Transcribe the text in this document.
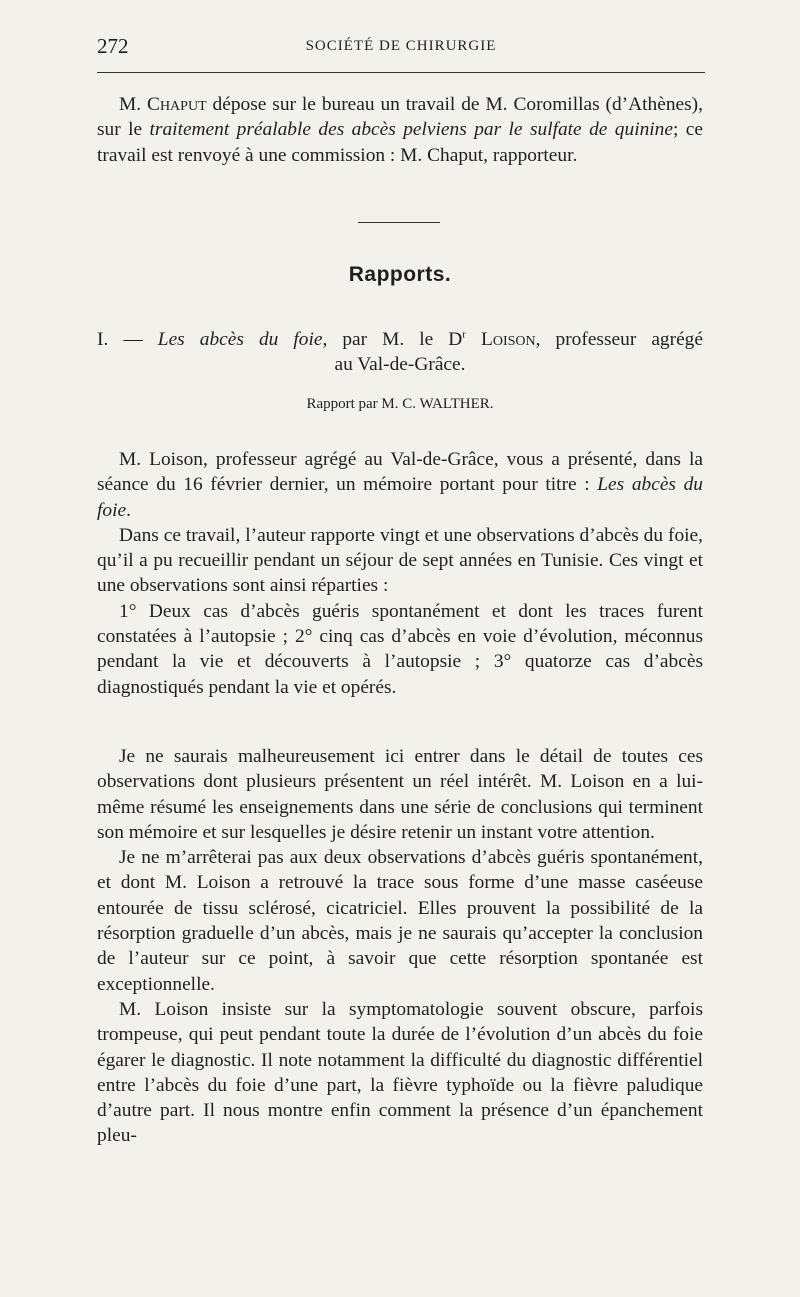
272	SOCIÉTÉ DE CHIRURGIE

M. Chaput dépose sur le bureau un travail de M. Coromillas (d’Athènes), sur le traitement préalable des abcès pelviens par le sulfate de quinine; ce travail est renvoyé à une commission : M. Chaput, rapporteur.

Rapports.
I. — Les abcès du foie, par M. le $D^r$ Loison, professeur agrégé
au Val-de-Grâce.
Rapport par M. C. WALTHER.

M. Loison, professeur agrégé au Val-de-Grâce, vous a présenté, dans la séance du 16 février dernier, un mémoire portant pour titre : Les abcès du foie.

Dans ce travail, l’auteur rapporte vingt et une observations d’abcès du foie, qu’il a pu recueillir pendant un séjour de sept années en Tunisie. Ces vingt et une observations sont ainsi réparties :

1° Deux cas d’abcès guéris spontanément et dont les traces furent constatées à l’autopsie ; 2° cinq cas d’abcès en voie d’évolution, méconnus pendant la vie et découverts à l’autopsie ; 3° quatorze cas d’abcès diagnostiqués pendant la vie et opérés.

Je ne saurais malheureusement ici entrer dans le détail de toutes ces observations dont plusieurs présentent un réel intérêt. M. Loison en a lui-même résumé les enseignements dans une série de conclusions qui terminent son mémoire et sur lesquelles je désire retenir un instant votre attention.

Je ne m’arrêterai pas aux deux observations d’abcès guéris spontanément, et dont M. Loison a retrouvé la trace sous forme d’une masse caséeuse entourée de tissu sclérosé, cicatriciel. Elles prouvent la possibilité de la résorption graduelle d’un abcès, mais je ne saurais qu’accepter la conclusion de l’auteur sur ce point, à savoir que cette résorption spontanée est exceptionnelle.

M. Loison insiste sur la symptomatologie souvent obscure, parfois trompeuse, qui peut pendant toute la durée de l’évolution d’un abcès du foie égarer le diagnostic. Il note notamment la difficulté du diagnostic différentiel entre l’abcès du foie d’une part, la fièvre typhoïde ou la fièvre paludique d’autre part. Il nous montre enfin comment la présence d’un épanchement pleu-
